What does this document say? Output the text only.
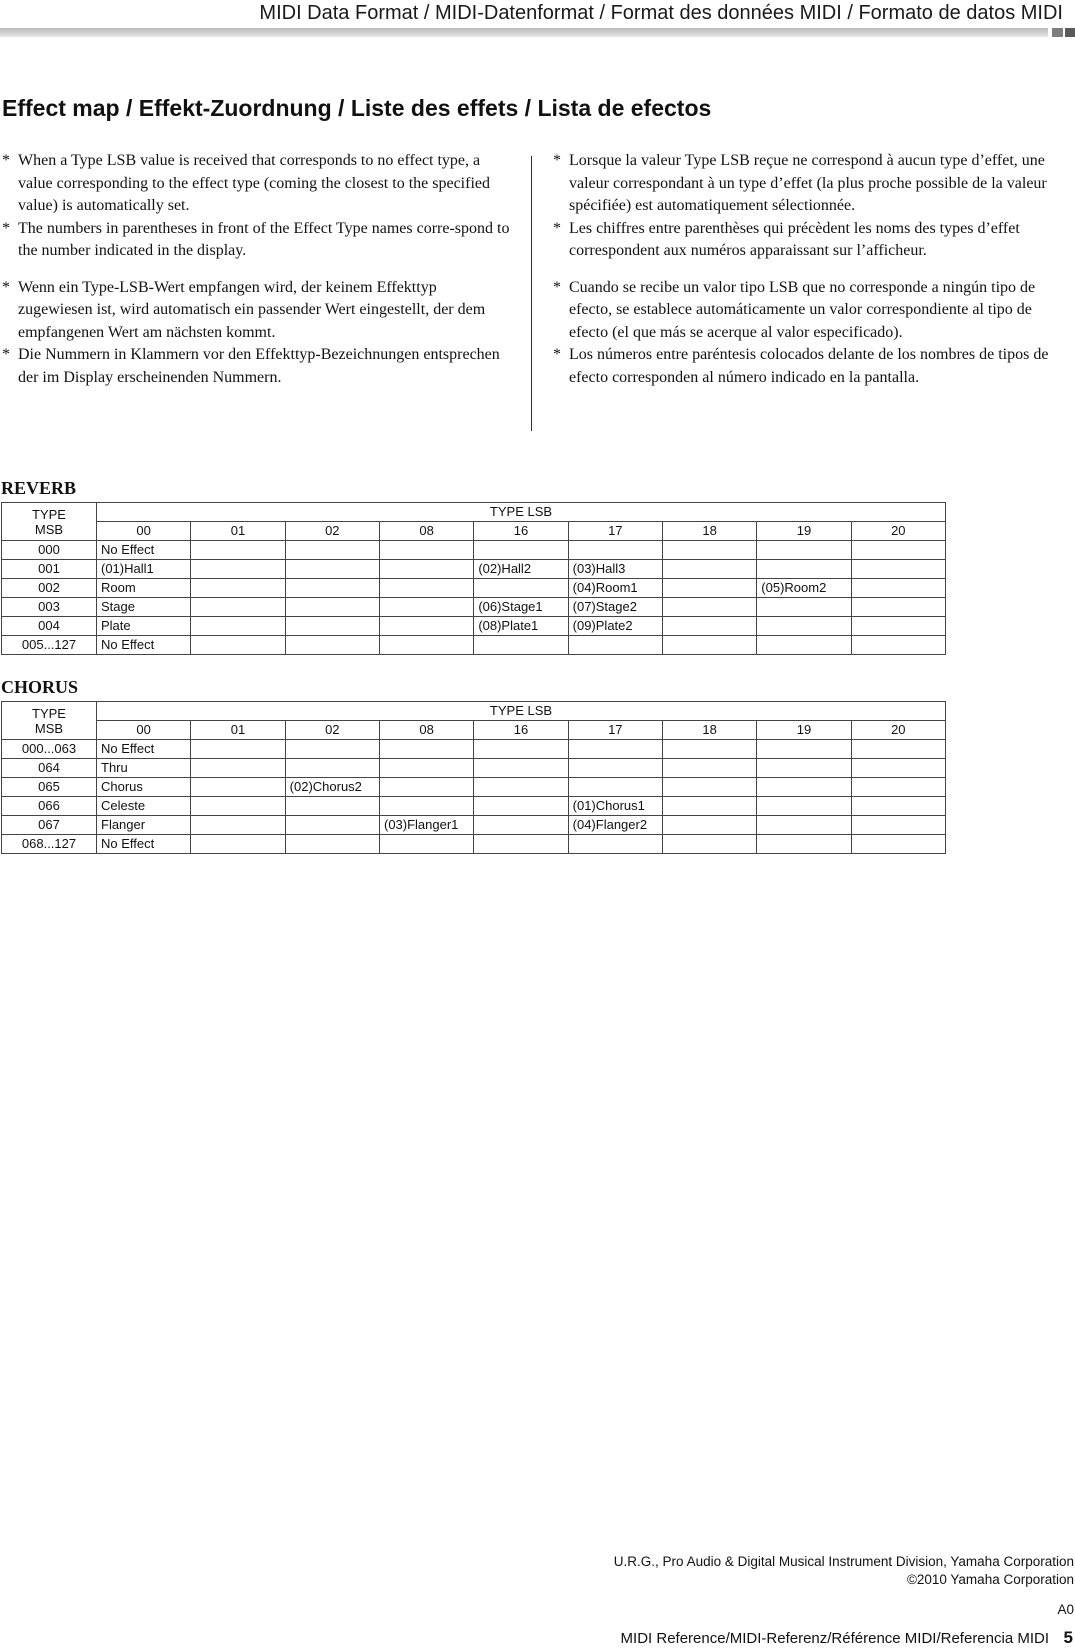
MIDI Data Format / MIDI-Datenformat / Format des données MIDI / Formato de datos MIDI
Effect map / Effekt-Zuordnung / Liste des effets / Lista de efectos
* When a Type LSB value is received that corresponds to no effect type, a value corresponding to the effect type (coming the closest to the specified value) is automatically set.
* The numbers in parentheses in front of the Effect Type names corre-spond to the number indicated in the display.
* Wenn ein Type-LSB-Wert empfangen wird, der keinem Effekttyp zugewiesen ist, wird automatisch ein passender Wert eingestellt, der dem empfangenen Wert am nächsten kommt.
* Die Nummern in Klammern vor den Effekttyp-Bezeichnungen entsprechen der im Display erscheinenden Nummern.
* Lorsque la valeur Type LSB reçue ne correspond à aucun type d’effet, une valeur correspondant à un type d’effet (la plus proche possible de la valeur spécifiée) est automatiquement sélectionnée.
* Les chiffres entre parenthèses qui précèdent les noms des types d’effet correspondent aux numéros apparaissant sur l’afficheur.
* Cuando se recibe un valor tipo LSB que no corresponde a ningún tipo de efecto, se establece automáticamente un valor correspondiente al tipo de efecto (el que más se acerque al valor especificado).
* Los números entre paréntesis colocados delante de los nombres de tipos de efecto corresponden al número indicado en la pantalla.
REVERB
TYPE
MSB	TYPE LSB								
	00	01	02	08	16	17	18	19	20
000	No Effect								
001	(01)Hall1				(02)Hall2	(03)Hall3			
002	Room					(04)Room1		(05)Room2	
003	Stage				(06)Stage1	(07)Stage2			
004	Plate				(08)Plate1	(09)Plate2			
005...127	No Effect								
CHORUS
TYPE
MSB	TYPE LSB								
	00	01	02	08	16	17	18	19	20
000...063	No Effect								
064	Thru								
065	Chorus		(02)Chorus2						
066	Celeste					(01)Chorus1			
067	Flanger			(03)Flanger1		(04)Flanger2			
068...127	No Effect								
U.R.G., Pro Audio & Digital Musical Instrument Division, Yamaha Corporation
©2010 Yamaha Corporation
A0
MIDI Reference/MIDI-Referenz/Référence MIDI/Referencia MIDI 5
